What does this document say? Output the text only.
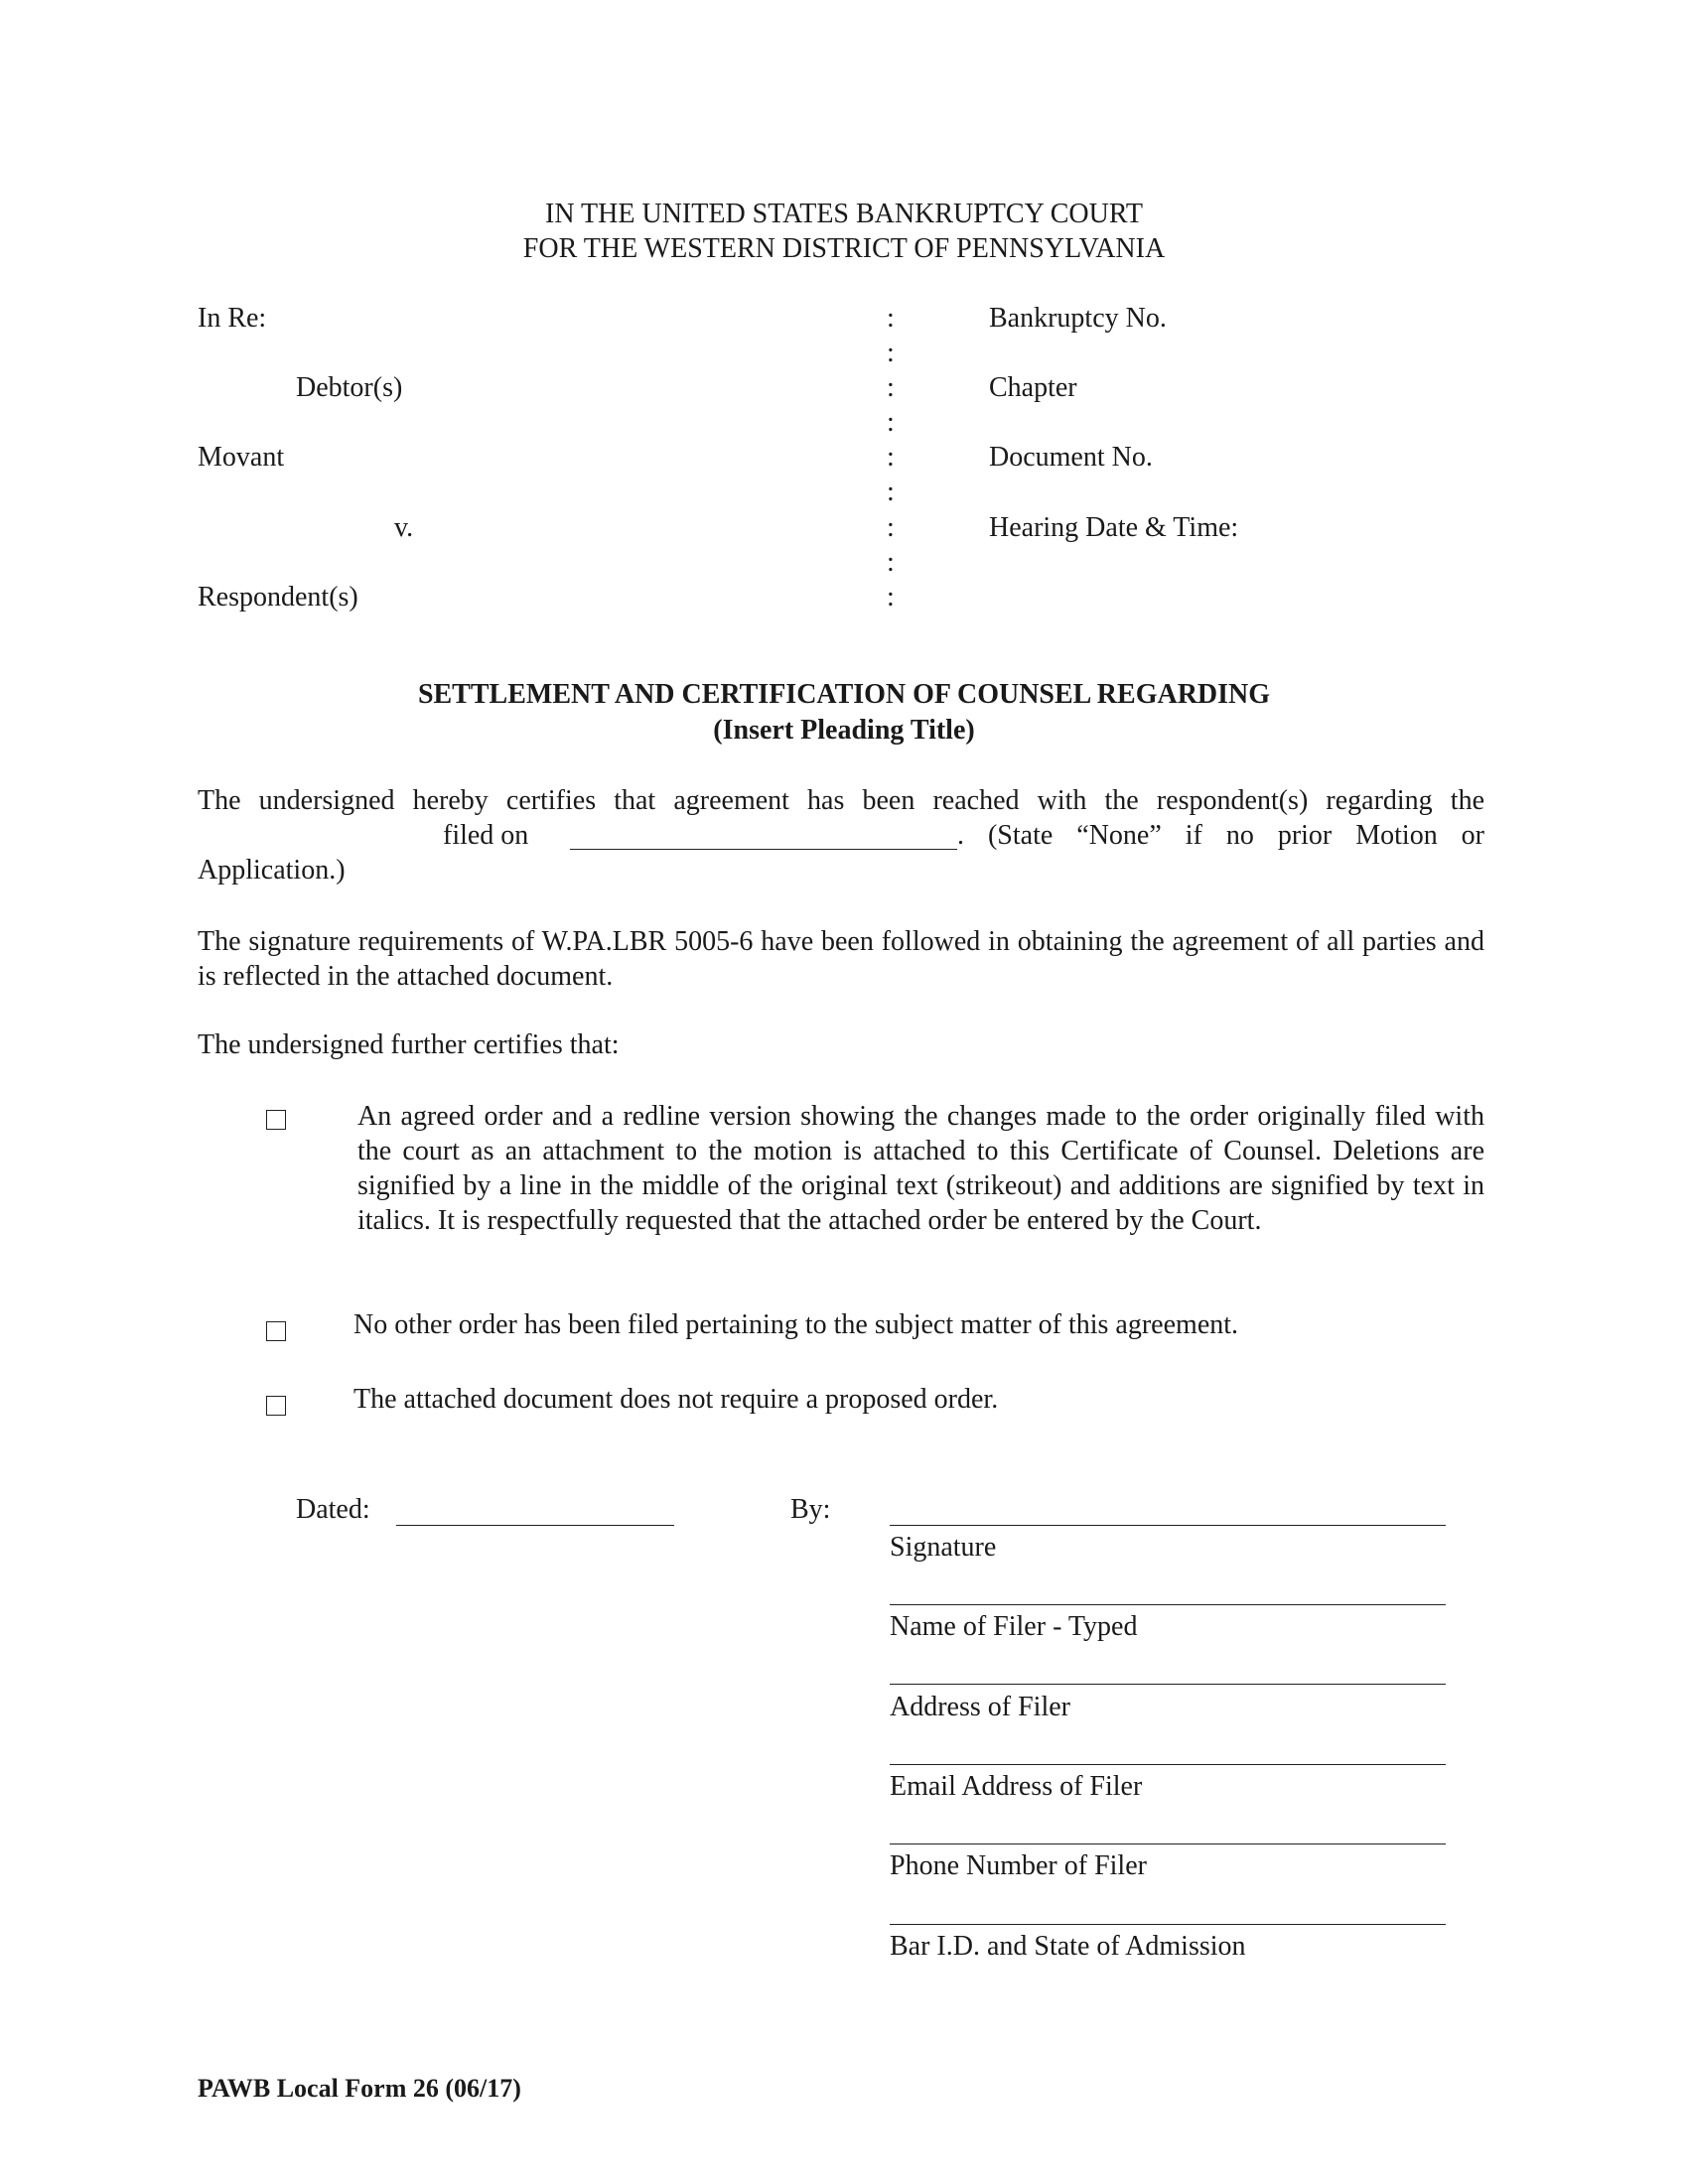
IN THE UNITED STATES BANKRUPTCY COURT
FOR THE WESTERN DISTRICT OF PENNSYLVANIA
In Re:
Debtor(s)
Movant
v.
Respondent(s)
:
:
:
:
:
:
:
:
:
Bankruptcy No.
Chapter
Document No.
Hearing Date & Time:
SETTLEMENT AND CERTIFICATION OF COUNSEL REGARDING
(Insert Pleading Title)
The undersigned hereby certifies that agreement has been reached with the respondent(s) regarding the
filed on	. (State “None” if no prior Motion or
Application.)
The signature requirements of W.PA.LBR 5005-6 have been followed in obtaining the agreement of all parties and is reflected in the attached document.
The undersigned further certifies that:
An agreed order and a redline version showing the changes made to the order originally filed with the court as an attachment to the motion is attached to this Certificate of Counsel. Deletions are signified by a line in the middle of the original text (strikeout) and additions are signified by text in italics. It is respectfully requested that the attached order be entered by the Court.
No other order has been filed pertaining to the subject matter of this agreement.
The attached document does not require a proposed order.
Dated:	By:
Signature
Name of Filer - Typed
Address of Filer
Email Address of Filer
Phone Number of Filer
Bar I.D. and State of Admission
PAWB Local Form 26 (06/17)
